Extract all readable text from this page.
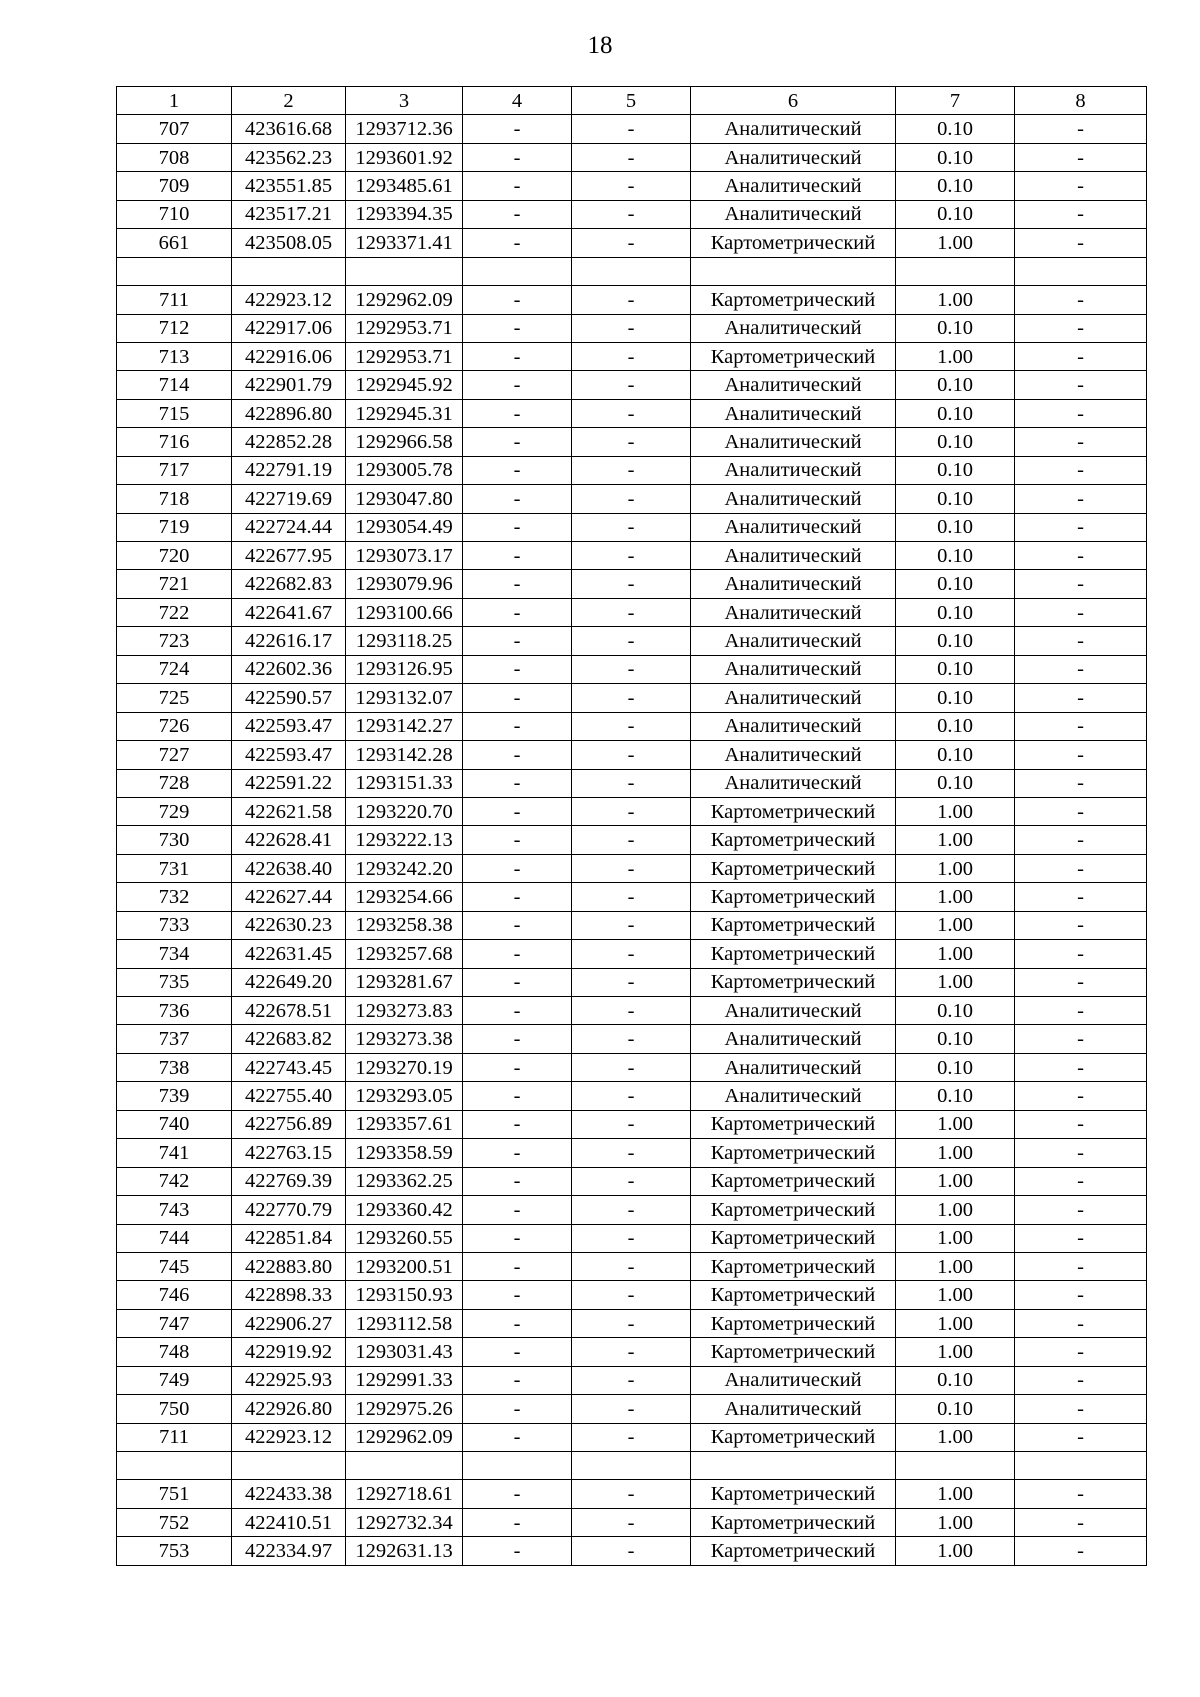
18
1	2	3	4	5	6	7	8
707	423616.68	1293712.36	-	-	Аналитический	0.10	-
708	423562.23	1293601.92	-	-	Аналитический	0.10	-
709	423551.85	1293485.61	-	-	Аналитический	0.10	-
710	423517.21	1293394.35	-	-	Аналитический	0.10	-
661	423508.05	1293371.41	-	-	Картометрический	1.00	-

711	422923.12	1292962.09	-	-	Картометрический	1.00	-
712	422917.06	1292953.71	-	-	Аналитический	0.10	-
713	422916.06	1292953.71	-	-	Картометрический	1.00	-
714	422901.79	1292945.92	-	-	Аналитический	0.10	-
715	422896.80	1292945.31	-	-	Аналитический	0.10	-
716	422852.28	1292966.58	-	-	Аналитический	0.10	-
717	422791.19	1293005.78	-	-	Аналитический	0.10	-
718	422719.69	1293047.80	-	-	Аналитический	0.10	-
719	422724.44	1293054.49	-	-	Аналитический	0.10	-
720	422677.95	1293073.17	-	-	Аналитический	0.10	-
721	422682.83	1293079.96	-	-	Аналитический	0.10	-
722	422641.67	1293100.66	-	-	Аналитический	0.10	-
723	422616.17	1293118.25	-	-	Аналитический	0.10	-
724	422602.36	1293126.95	-	-	Аналитический	0.10	-
725	422590.57	1293132.07	-	-	Аналитический	0.10	-
726	422593.47	1293142.27	-	-	Аналитический	0.10	-
727	422593.47	1293142.28	-	-	Аналитический	0.10	-
728	422591.22	1293151.33	-	-	Аналитический	0.10	-
729	422621.58	1293220.70	-	-	Картометрический	1.00	-
730	422628.41	1293222.13	-	-	Картометрический	1.00	-
731	422638.40	1293242.20	-	-	Картометрический	1.00	-
732	422627.44	1293254.66	-	-	Картометрический	1.00	-
733	422630.23	1293258.38	-	-	Картометрический	1.00	-
734	422631.45	1293257.68	-	-	Картометрический	1.00	-
735	422649.20	1293281.67	-	-	Картометрический	1.00	-
736	422678.51	1293273.83	-	-	Аналитический	0.10	-
737	422683.82	1293273.38	-	-	Аналитический	0.10	-
738	422743.45	1293270.19	-	-	Аналитический	0.10	-
739	422755.40	1293293.05	-	-	Аналитический	0.10	-
740	422756.89	1293357.61	-	-	Картометрический	1.00	-
741	422763.15	1293358.59	-	-	Картометрический	1.00	-
742	422769.39	1293362.25	-	-	Картометрический	1.00	-
743	422770.79	1293360.42	-	-	Картометрический	1.00	-
744	422851.84	1293260.55	-	-	Картометрический	1.00	-
745	422883.80	1293200.51	-	-	Картометрический	1.00	-
746	422898.33	1293150.93	-	-	Картометрический	1.00	-
747	422906.27	1293112.58	-	-	Картометрический	1.00	-
748	422919.92	1293031.43	-	-	Картометрический	1.00	-
749	422925.93	1292991.33	-	-	Аналитический	0.10	-
750	422926.80	1292975.26	-	-	Аналитический	0.10	-
711	422923.12	1292962.09	-	-	Картометрический	1.00	-

751	422433.38	1292718.61	-	-	Картометрический	1.00	-
752	422410.51	1292732.34	-	-	Картометрический	1.00	-
753	422334.97	1292631.13	-	-	Картометрический	1.00	-
